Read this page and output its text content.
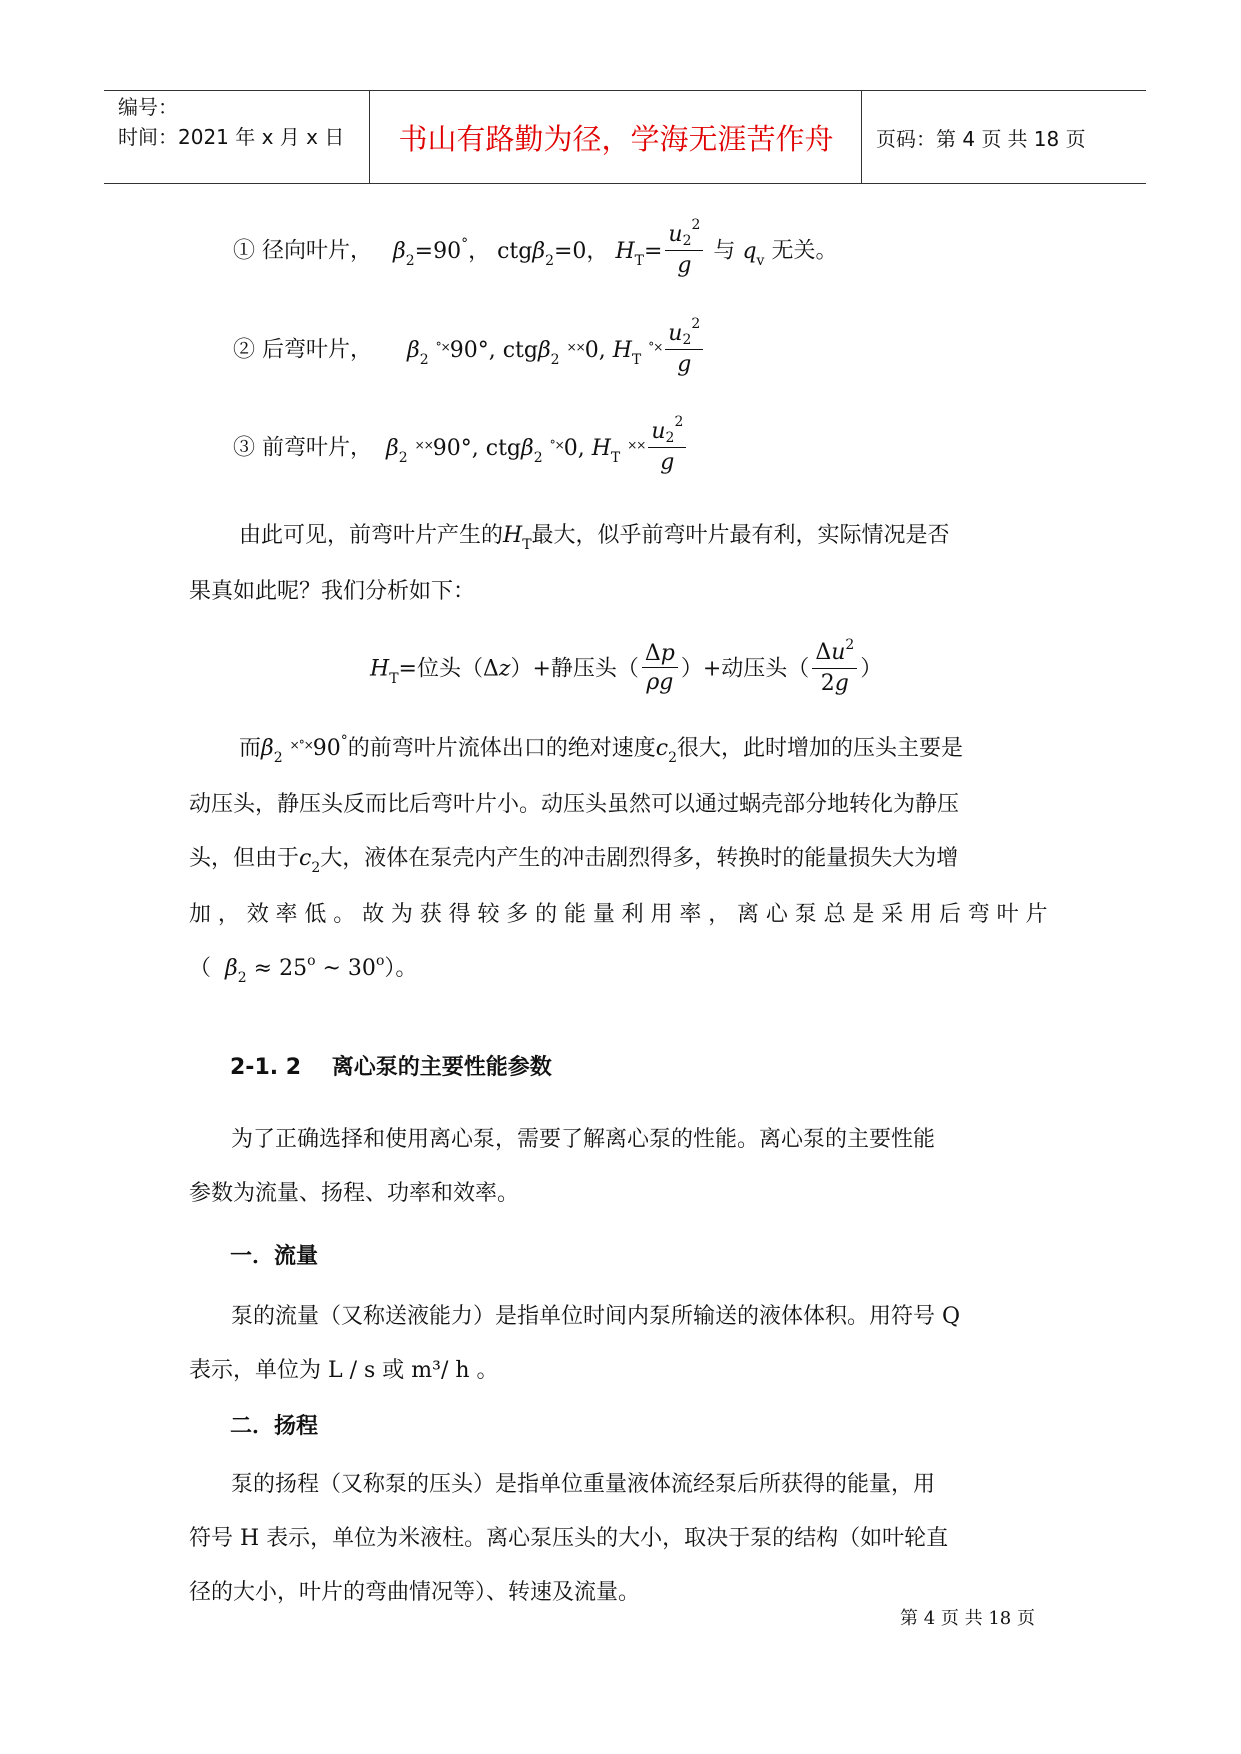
编号：
时间：2021 年 x 月 x 日	书山有路勤为径，学海无涯苦作舟	页码：第 4 页 共 18 页
① 径向叶片， $\beta_2=90^\circ$， ctgβ$_2$=0， $H_T= \frac{u2^2}{g}$ 与 $q_v$ 无关。
② 后弯叶片， $\beta_2$ °×90°, ctgβ$_2$ ××0, $H_T$ $^{^\circ\times} \frac{u2^2}{g}$
③ 前弯叶片， $\beta_2$ ××90°, ctgβ$_2$ °×0, $H_T$ $^{\times\times} \frac{u2^2}{g}$
由此可见，前弯叶片产生的$H_T$最大，似乎前弯叶片最有利，实际情况是否
果真如此呢？我们分析如下：
$H_T=$位头（Δz）+静压头（ $\frac{\Delta p}{\rho g}$ ）+动压头（ $\frac{\Delta u^2}{2g}$ ）
而$\beta_2$ ×°×90°的前弯叶片流体出口的绝对速度$c_2$很大，此时增加的压头主要是
动压头，静压头反而比后弯叶片小。动压头虽然可以通过蜗壳部分地转化为静压
头，但由于$c_2$大，液体在泵壳内产生的冲击剧烈得多，转换时的能量损失大为增
加，效率低。故为获得较多的能量利用率，离心泵总是采用后弯叶片
（ $\beta_2 \approx 25^o$ ~ 30$^o$）。
2-1. 2 离心泵的主要性能参数
为了正确选择和使用离心泵，需要了解离心泵的性能。离心泵的主要性能
参数为流量、扬程、功率和效率。
一．流量
泵的流量（又称送液能力）是指单位时间内泵所输送的液体体积。用符号 Q
表示，单位为 L / s 或 m³/ h 。
二．扬程
泵的扬程（又称泵的压头）是指单位重量液体流经泵后所获得的能量，用
符号 H 表示，单位为米液柱。离心泵压头的大小，取决于泵的结构（如叶轮直
径的大小，叶片的弯曲情况等）、转速及流量。
第 4 页 共 18 页
